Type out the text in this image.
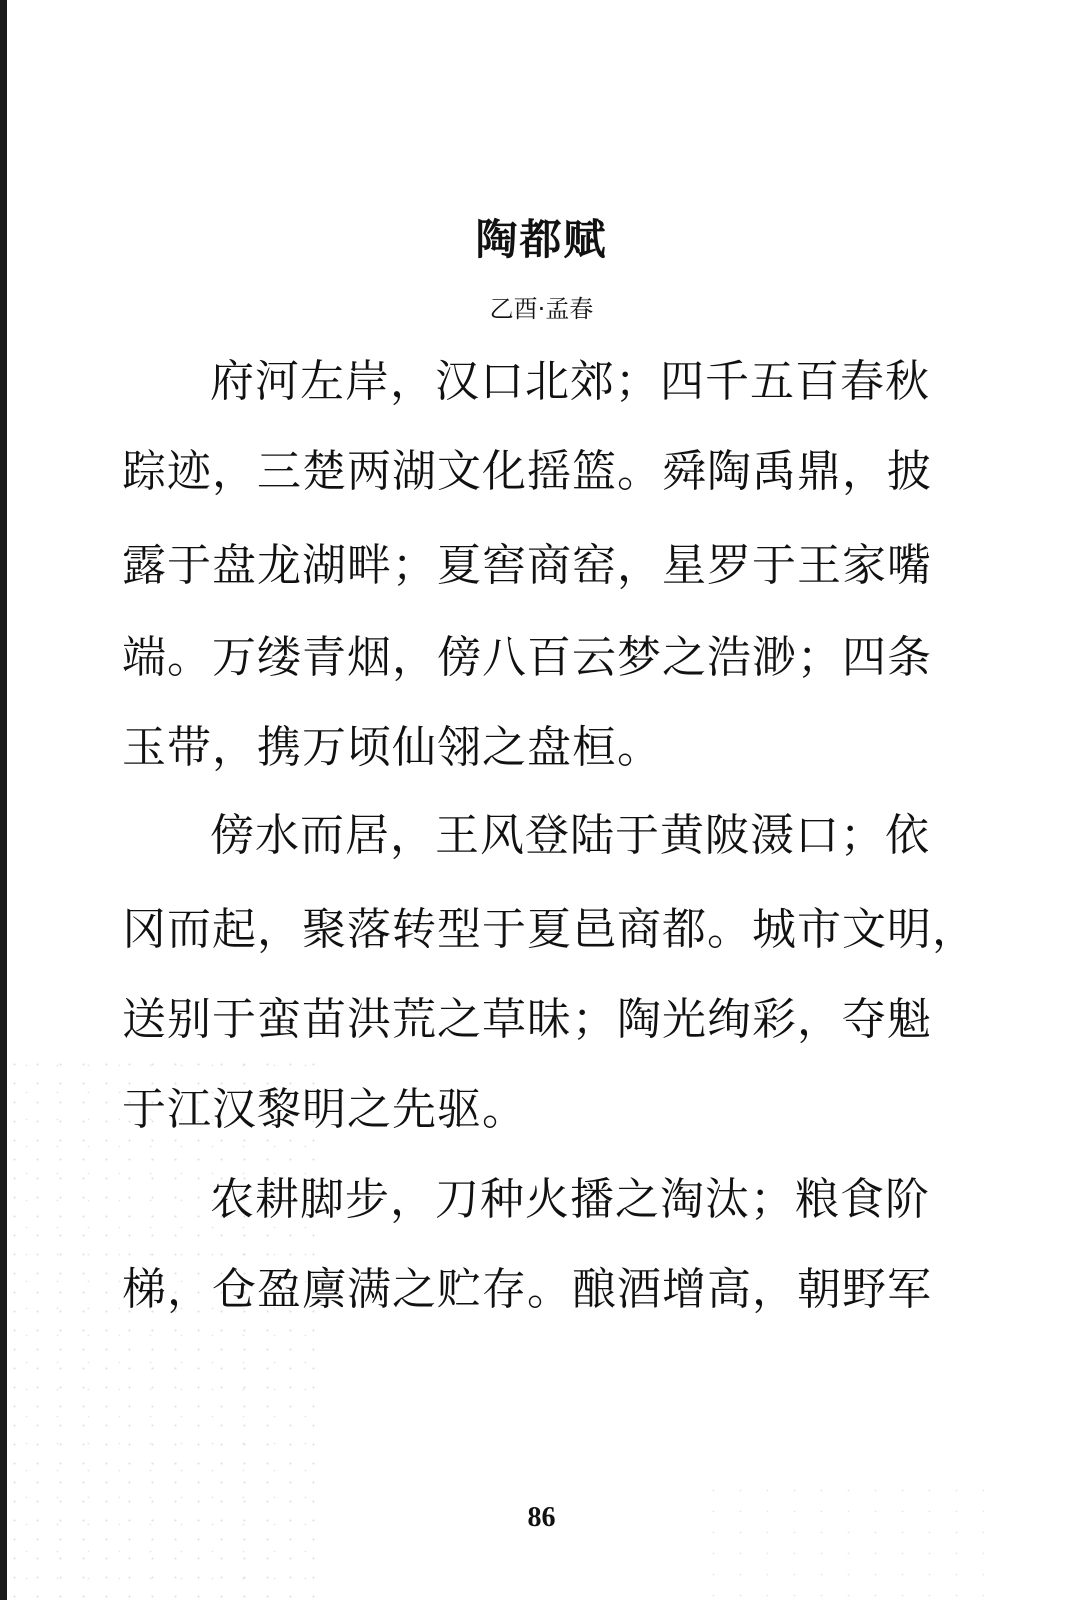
陶都赋
乙酉·孟春
府河左岸，汉口北郊；四千五百春秋
踪迹，三楚两湖文化摇篮。舜陶禹鼎，披
露于盘龙湖畔；夏窖商窑，星罗于王家嘴
端。万缕青烟，傍八百云梦之浩渺；四条
玉带，携万顷仙翎之盘桓。
傍水而居，王风登陆于黄陂滠口；依
冈而起，聚落转型于夏邑商都。城市文明，
送别于蛮苗洪荒之草昧；陶光绚彩，夺魁
于江汉黎明之先驱。
农耕脚步，刀种火播之淘汰；粮食阶
梯，仓盈廪满之贮存。酿酒增高，朝野军
86
